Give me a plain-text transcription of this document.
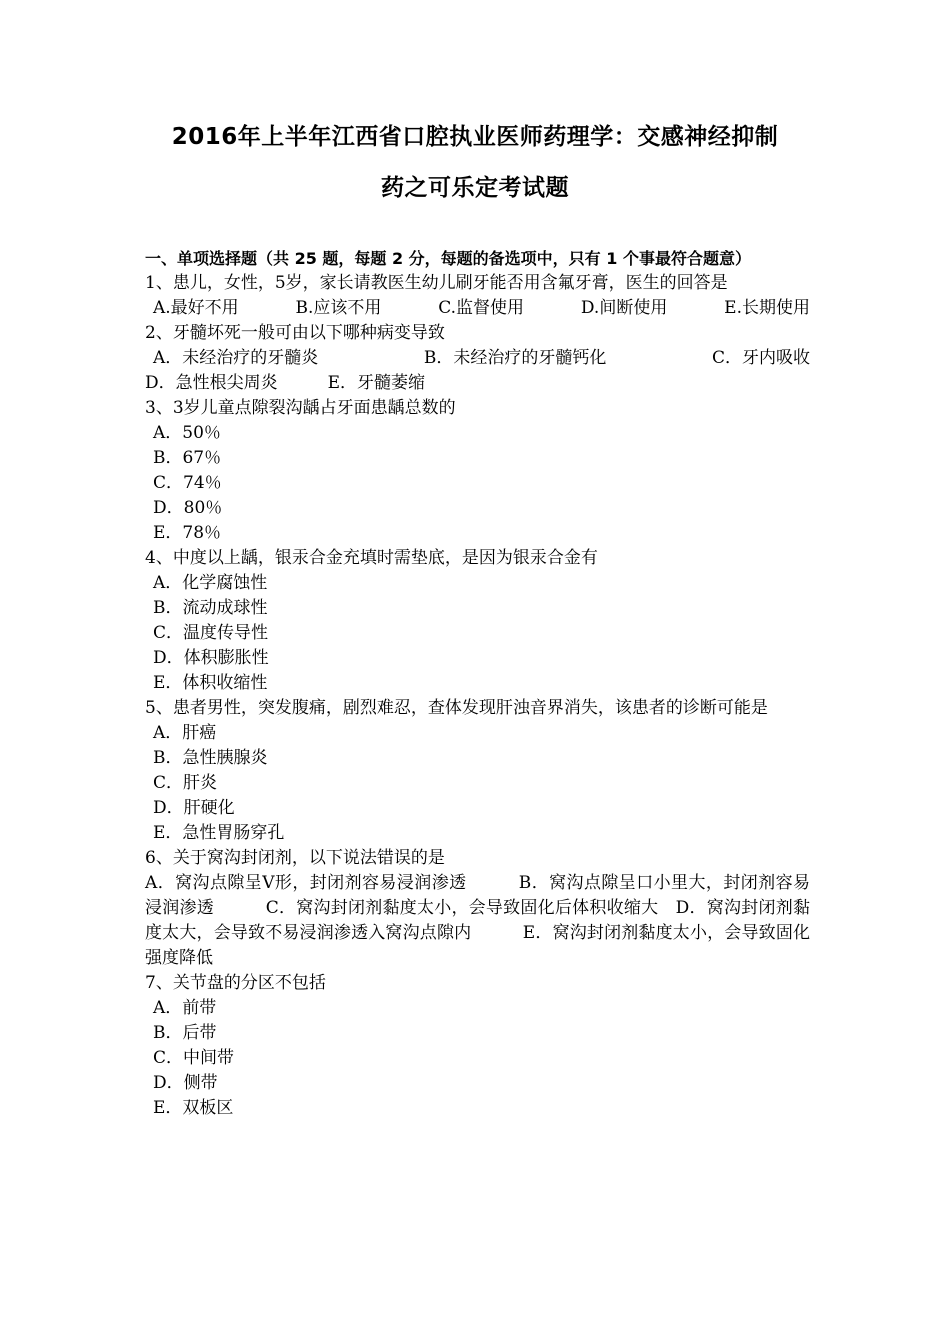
2016年上半年江西省口腔执业医师药理学：交感神经抑制
药之可乐定考试题
一、单项选择题（共 25 题，每题 2 分，每题的备选项中，只有 1 个事最符合题意）
1、患儿，女性，5岁，家长请教医生幼儿刷牙能否用含氟牙膏，医生的回答是
A.最好不用	B.应该不用	C.监督使用	D.间断使用	E.长期使用
2、牙髓坏死一般可由以下哪种病变导致
A．未经治疗的牙髓炎	B．未经治疗的牙髓钙化	C．牙内吸收
D．急性根尖周炎	E．牙髓萎缩
3、3岁儿童点隙裂沟龋占牙面患龋总数的
A．50％
B．67％
C．74％
D．80％
E．78％
4、中度以上龋，银汞合金充填时需垫底，是因为银汞合金有
A．化学腐蚀性
B．流动成球性
C．温度传导性
D．体积膨胀性
E．体积收缩性
5、患者男性，突发腹痛，剧烈难忍，查体发现肝浊音界消失，该患者的诊断可能是
A．肝癌
B．急性胰腺炎
C．肝炎
D．肝硬化
E．急性胃肠穿孔
6、关于窝沟封闭剂，以下说法错误的是
A．窝沟点隙呈V形，封闭剂容易浸润渗透　　　B．窝沟点隙呈口小里大，封闭剂容易浸润渗透　　　C．窝沟封闭剂黏度太小，会导致固化后体积收缩大　D．窝沟封闭剂黏度太大，会导致不易浸润渗透入窝沟点隙内　　　E．窝沟封闭剂黏度太小，会导致固化强度降低
7、关节盘的分区不包括
A．前带
B．后带
C．中间带
D．侧带
E．双板区
